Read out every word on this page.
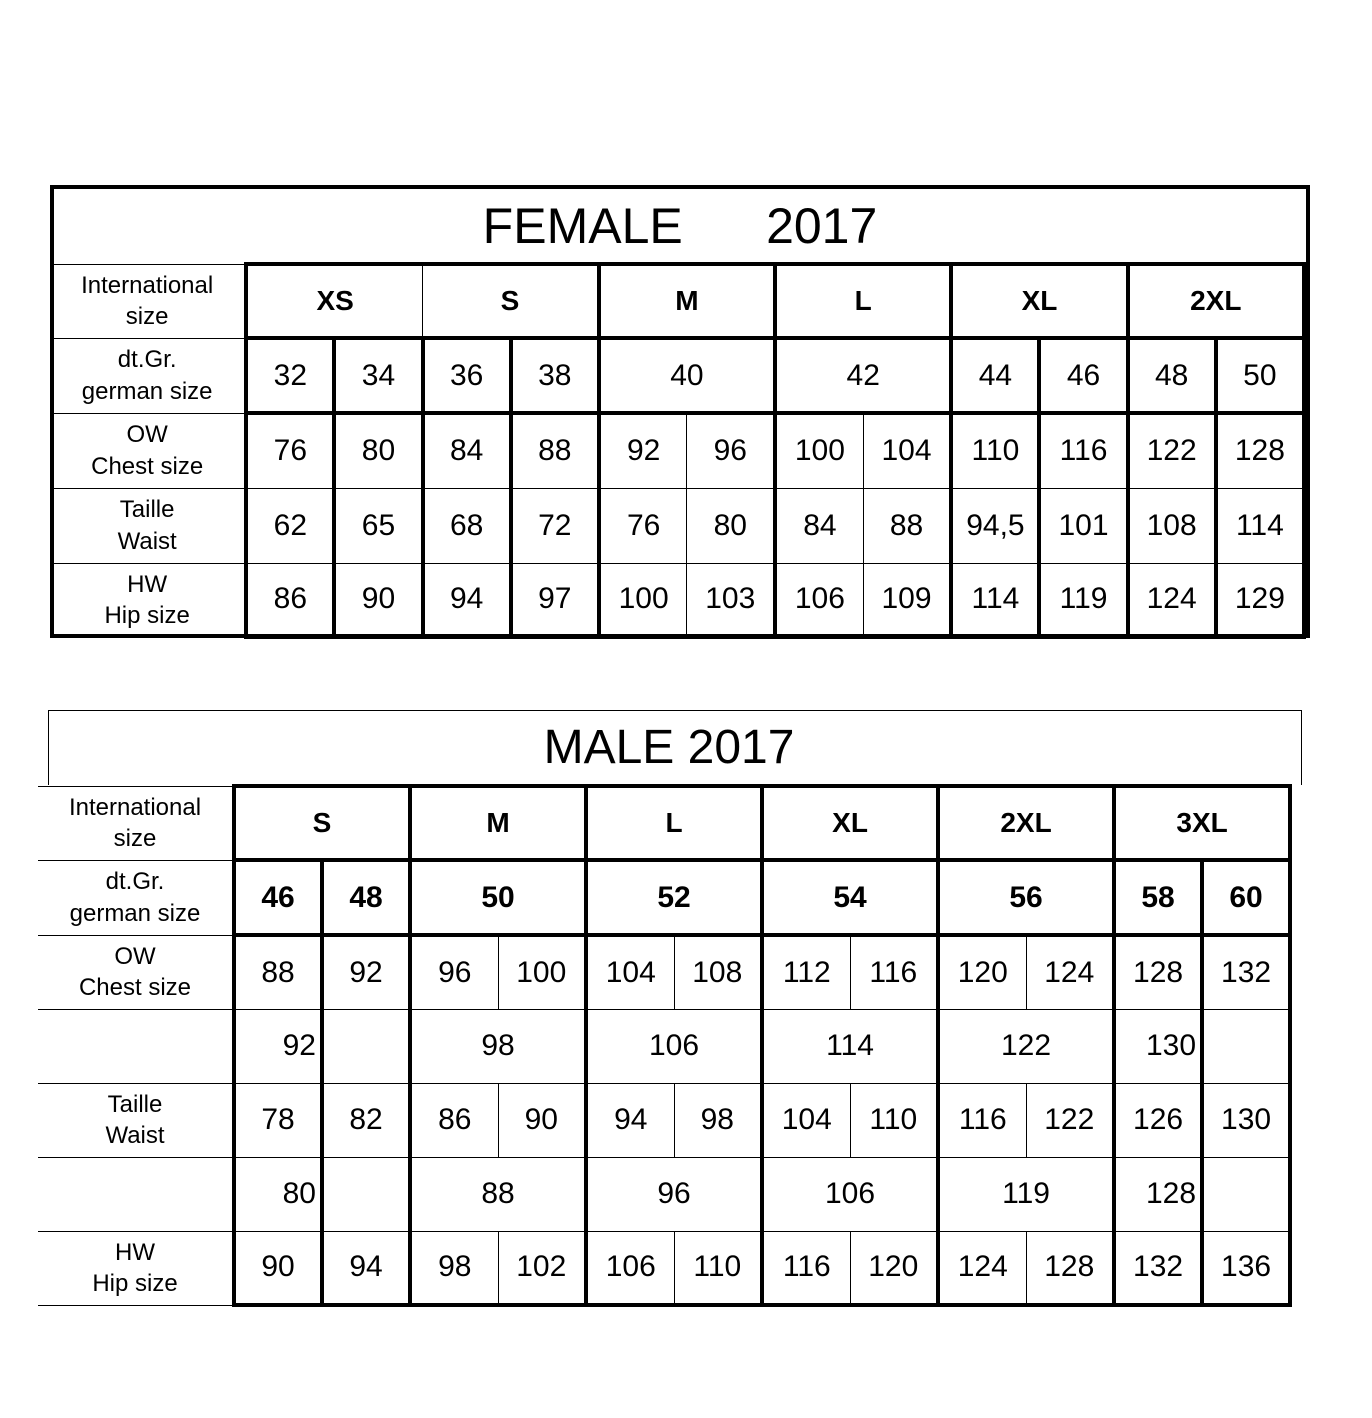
FEMALE      2017
International
size	XS		S		M		L		XL		2XL	

dt.Gr.
german size	32	34	36	38	40		42		44	46	48	50

OW
Chest size	76	80	84	88	92	96	100	104	110	116	122	128

Taille
Waist	62	65	68	72	76	80	84	88	94,5	101	108	114

HW
Hip size	86	90	94	97	100	103	106	109	114	119	124	129
MALE 2017
International
size	S		M		L		XL		2XL		3XL	

dt.Gr.
german size	46	48	50		52		54		56		58	60

OW
Chest size	88	92	96	100	104	108	112	116	120	124	128	132
	92		98		106		114		122		130	

Taille
Waist	78	82	86	90	94	98	104	110	116	122	126	130
	80		88		96		106		119		128	

HW
Hip size	90	94	98	102	106	110	116	120	124	128	132	136
